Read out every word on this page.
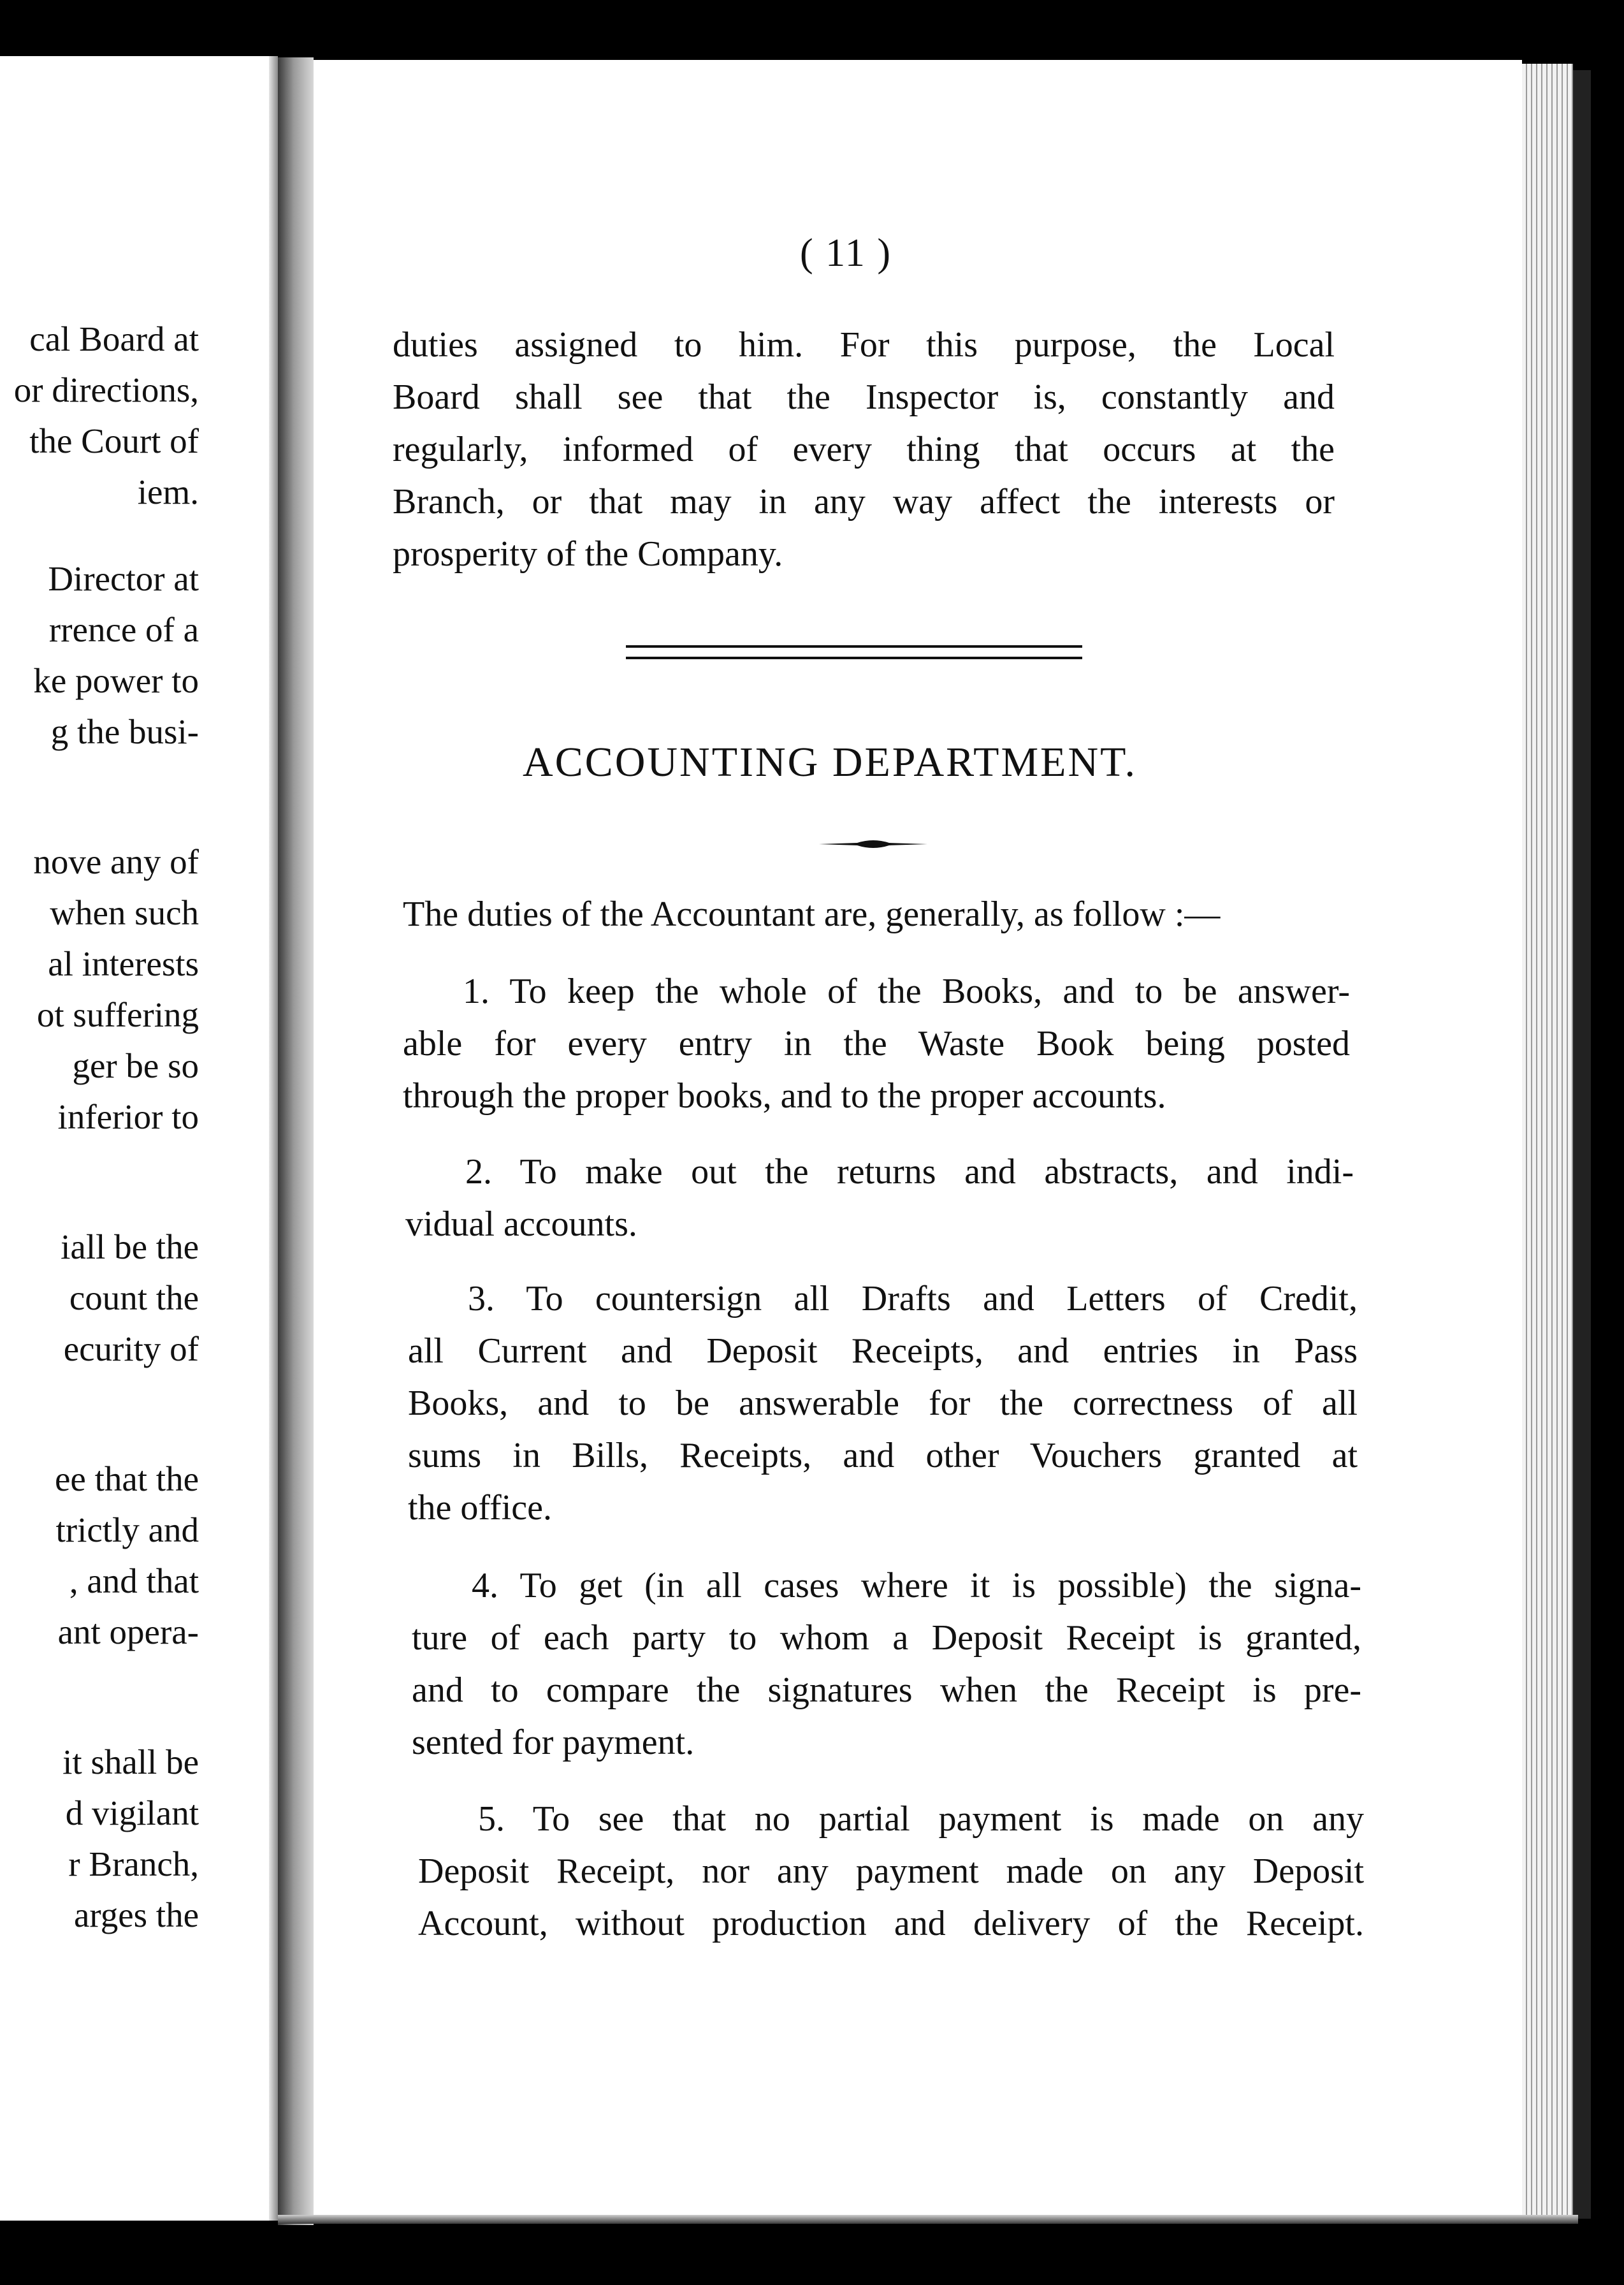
cal Board at
or directions,
the Court of
iem.
Director at
rrence of a
ke power to
g the busi-
nove any of
when such
al interests
ot suffering
ger be so
inferior to
iall be the
count the
ecurity of
ee that the
trictly and
, and that
ant opera-
it shall be
d vigilant
r Branch,
arges the
( 11 )
duties assigned to him. For this purpose, the Local
Board shall see that the Inspector is, constantly and
regularly, informed of every thing that occurs at the
Branch, or that may in any way affect the interests or
prosperity of the Company.
ACCOUNTING DEPARTMENT.
The duties of the Accountant are, generally, as follow :—
1. To keep the whole of the Books, and to be answer-
able for every entry in the Waste Book being posted
through the proper books, and to the proper accounts.
2. To make out the returns and abstracts, and indi-
vidual accounts.
3. To countersign all Drafts and Letters of Credit,
all Current and Deposit Receipts, and entries in Pass
Books, and to be answerable for the correctness of all
sums in Bills, Receipts, and other Vouchers granted at
the office.
4. To get (in all cases where it is possible) the signa-
ture of each party to whom a Deposit Receipt is granted,
and to compare the signatures when the Receipt is pre-
sented for payment.
5. To see that no partial payment is made on any
Deposit Receipt, nor any payment made on any Deposit
Account, without production and delivery of the Receipt.
